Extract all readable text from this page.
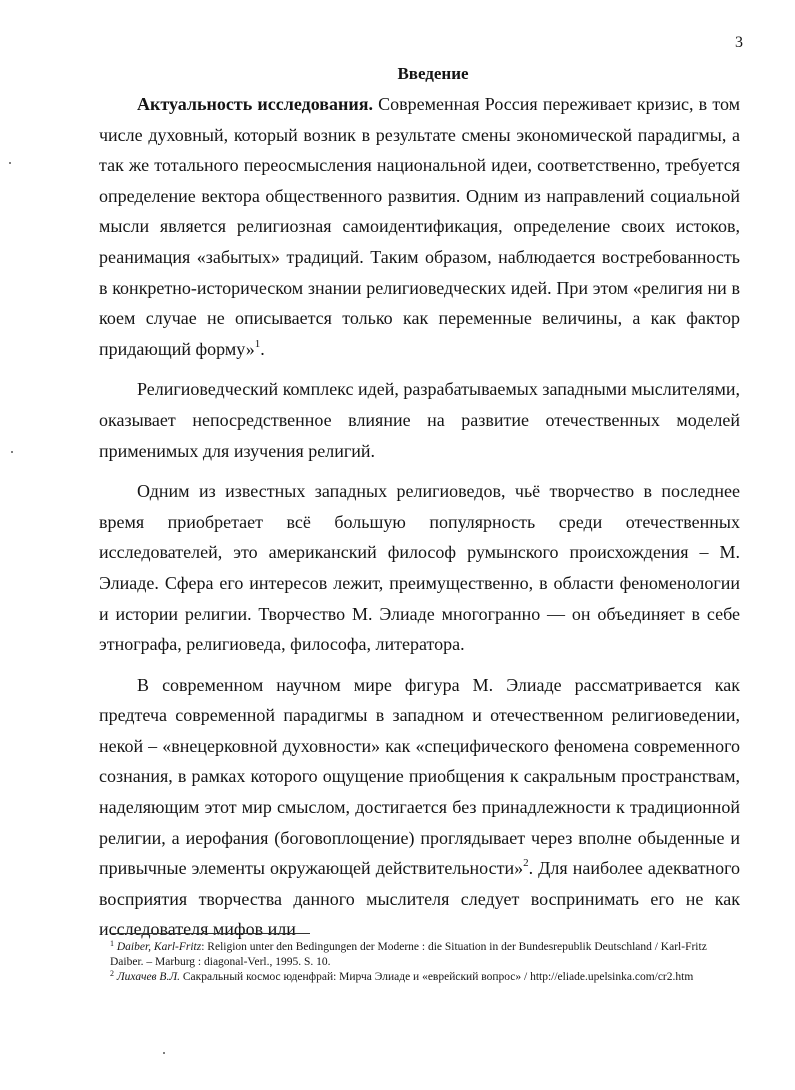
3
Введение

Актуальность исследования. Современная Россия переживает кризис, в том числе духовный, который возник в результате смены экономической парадигмы, а так же тотального переосмысления национальной идеи, соответственно, требуется определение вектора общественного развития. Одним из направлений социальной мысли является религиозная самоидентификация, определение своих истоков, реанимация «забытых» традиций. Таким образом, наблюдается востребованность в конкретно-историческом знании религиоведческих идей. При этом «религия ни в коем случае не описывается только как переменные величины, а как фактор придающий форму»$^1$.

Религиоведческий комплекс идей, разрабатываемых западными мыслителями, оказывает непосредственное влияние на развитие отечественных моделей применимых для изучения религий.

Одним из известных западных религиоведов, чьё творчество в последнее время приобретает всё большую популярность среди отечественных исследователей, это американский философ румынского происхождения – М. Элиаде. Сфера его интересов лежит, преимущественно, в области феноменологии и истории религии. Творчество М. Элиаде многогранно — он объединяет в себе этнографа, религиоведа, философа, литератора.

В современном научном мире фигура М. Элиаде рассматривается как предтеча современной парадигмы в западном и отечественном религиоведении, некой – «внецерковной духовности» как «специфического феномена современного сознания, в рамках которого ощущение приобщения к сакральным пространствам, наделяющим этот мир смыслом, достигается без принадлежности к традиционной религии, а иерофания (боговоплощение) проглядывает через вполне обыденные и привычные элементы окружающей действительности»$^2$. Для наиболее адекватного восприятия творчества данного мыслителя следует воспринимать его не как исследователя мифов или

$^1$ Daiber, Karl-Fritz: Religion unter den Bedingungen der Moderne : die Situation in der Bundesrepublik Deutschland / Karl-Fritz Daiber. – Marburg : diagonal-Verl., 1995. S. 10.

$^2$ Лихачев В.Л. Сакральный космос юденфрай: Мирча Элиаде и «еврейский вопрос» / http://eliade.upelsinka.com/cr2.htm
